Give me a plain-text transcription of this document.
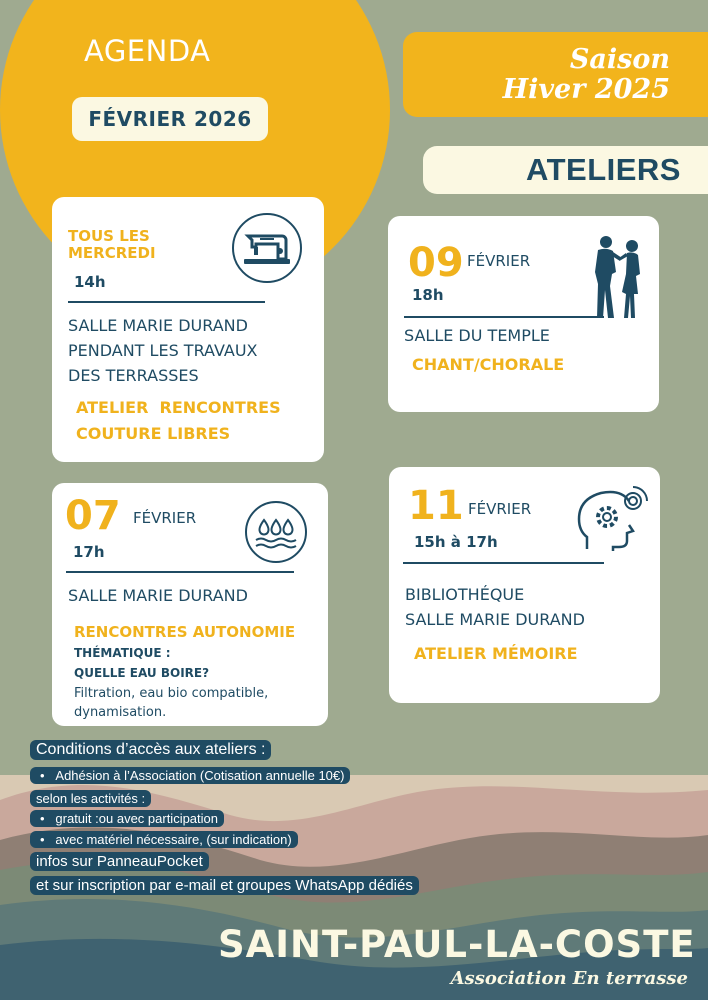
AGENDA
FÉVRIER 2026
Saison
Hiver 2025
ATELIERS
TOUS LES MERCREDI
14h
SALLE MARIE DURAND
PENDANT LES TRAVAUX
DES TERRASSES
ATELIER  RENCONTRES
COUTURE LIBRES
09 FÉVRIER
18h
SALLE DU TEMPLE
CHANT/CHORALE
07 FÉVRIER
17h
SALLE MARIE DURAND
RENCONTRES AUTONOMIE
THÉMATIQUE :
QUELLE EAU BOIRE?
Filtration, eau bio compatible,
dynamisation.
11 FÉVRIER
15h à 17h
BIBLIOTHÉQUE
SALLE MARIE DURAND
ATELIER MÉMOIRE
Conditions d’accès aux ateliers :
• Adhésion à l’Association (Cotisation annuelle 10€)
selon les activités :
• gratuit :ou avec participation
• avec matériel nécessaire, (sur indication)
infos sur PanneauPocket
et sur inscription par e-mail et groupes WhatsApp dédiés
SAINT-PAUL-LA-COSTE
Association En terrasse
